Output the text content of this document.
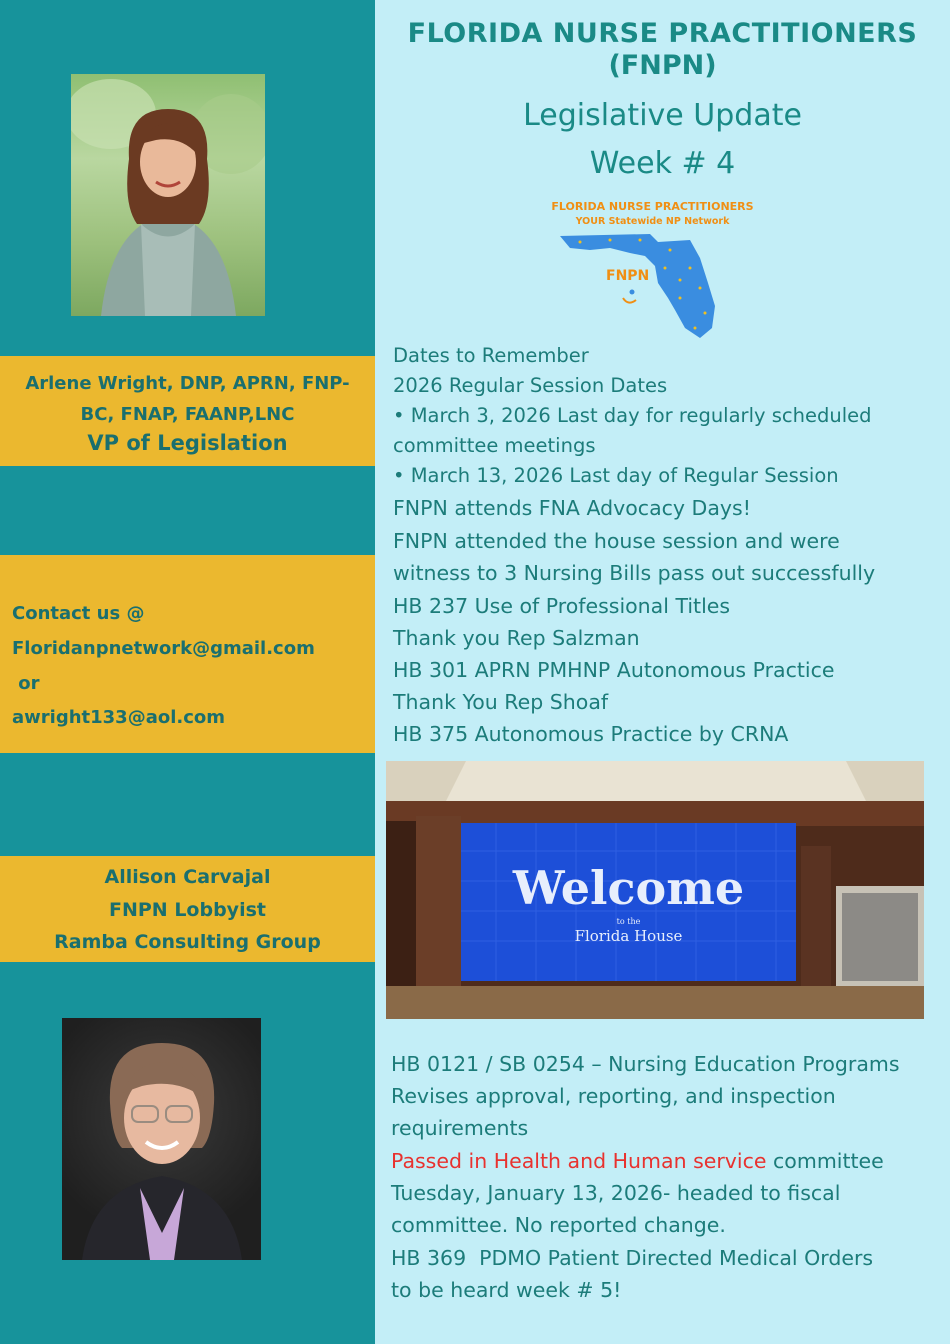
Arlene Wright, DNP, APRN, FNP-
BC, FNAP, FAANP,LNC
VP of Legislation
Contact us @
Floridanpnetwork@gmail.com
or
awright133@aol.com
Allison Carvajal
FNPN Lobbyist
Ramba Consulting Group
FLORIDA NURSE PRACTITIONERS
(FNPN)
Legislative Update
Week # 4
FLORIDA NURSE PRACTITIONERS
YOUR Statewide NP Network
FNPN
Dates to Remember
2026 Regular Session Dates
• March 3, 2026 Last day for regularly scheduled
committee meetings
• March 13, 2026 Last day of Regular Session
FNPN attends FNA Advocacy Days!
FNPN attended the house session and were
witness to 3 Nursing Bills pass out successfully
HB 237 Use of Professional Titles
Thank you Rep Salzman
HB 301 APRN PMHNP Autonomous Practice
Thank You Rep Shoaf
HB 375 Autonomous Practice by CRNA
Welcome
to the
Florida House
HB 0121 / SB 0254 – Nursing Education Programs
Revises approval, reporting, and inspection
requirements
Passed in Health and Human service committee
Tuesday, January 13, 2026- headed to fiscal
committee. No reported change.
HB 369  PDMO Patient Directed Medical Orders
to be heard week # 5!
